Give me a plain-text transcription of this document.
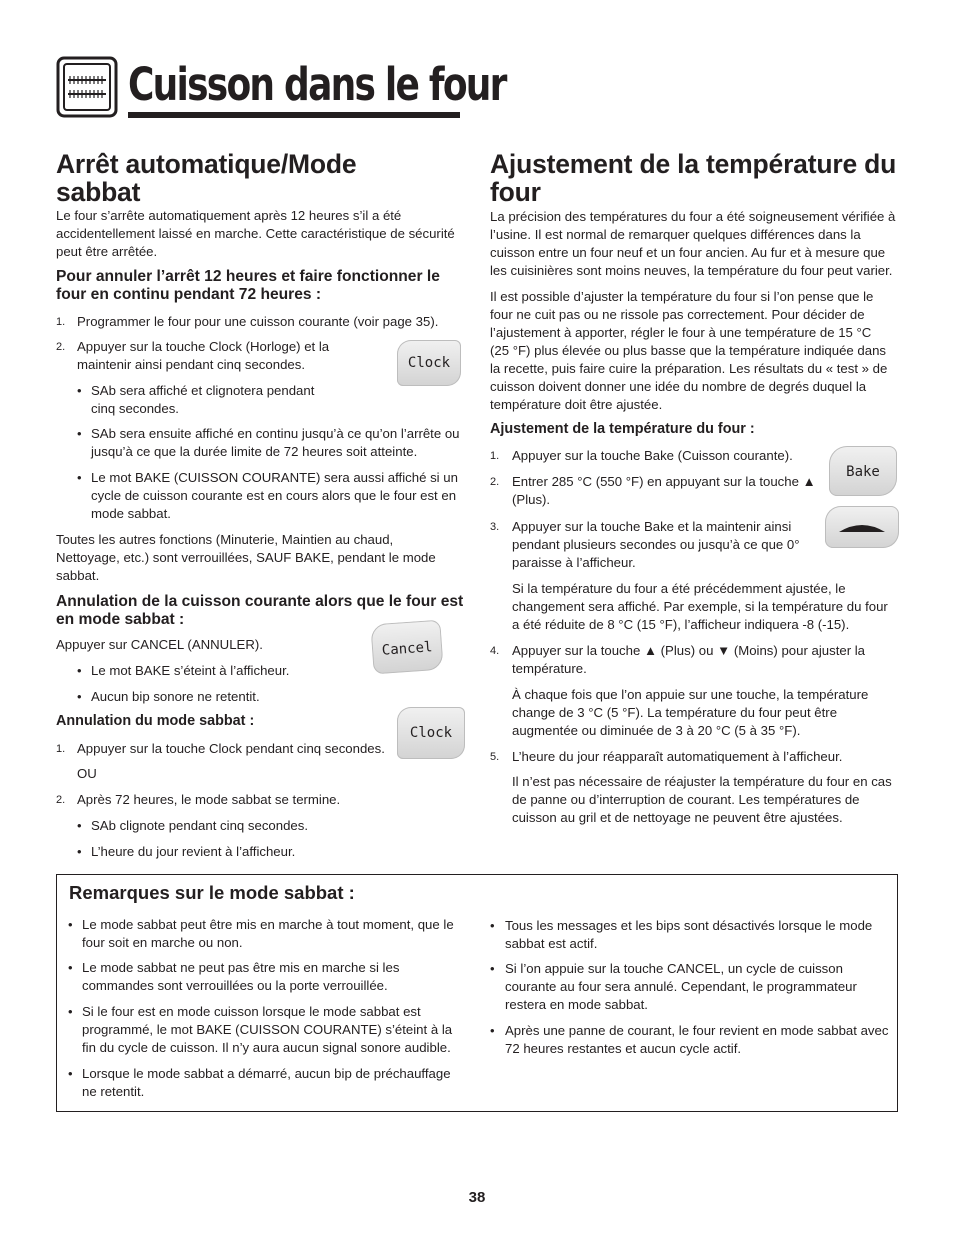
Cuisson dans le four
Arrêt automatique/Mode sabbat
Le four s’arrête automatiquement après 12 heures s’il a été accidentellement laissé en marche. Cette caractéristique de sécurité peut être arrêtée.
Pour annuler l’arrêt 12 heures et faire fonctionner le four en continu pendant 72 heures :
1. Programmer le four pour une cuisson courante (voir page 35).
2. Appuyer sur la touche Clock (Horloge) et la maintenir ainsi pendant cinq secondes.
• SAb sera affiché et clignotera pendant cinq secondes.
• SAb sera ensuite affiché en continu jusqu’à ce qu’on l’arrête ou jusqu’à ce que la durée limite de 72 heures soit atteinte.
• Le mot BAKE (CUISSON COURANTE) sera aussi affiché si un cycle de cuisson courante est en cours alors que le four est en mode sabbat.
Toutes les autres fonctions (Minuterie, Maintien au chaud, Nettoyage, etc.) sont verrouillées, SAUF BAKE, pendant le mode sabbat.
Annulation de la cuisson courante alors que le four est en mode sabbat :
Appuyer sur CANCEL (ANNULER).
• Le mot BAKE s’éteint à l’afficheur.
• Aucun bip sonore ne retentit.
Annulation du mode sabbat :
1. Appuyer sur la touche Clock pendant cinq secondes.
OU
2. Après 72 heures, le mode sabbat se termine.
• SAb clignote pendant cinq secondes.
• L’heure du jour revient à l’afficheur.
Clock
Cancel
Clock
Ajustement de la température du four
La précision des températures du four a été soigneusement vérifiée à l’usine. Il est normal de remarquer quelques différences dans la cuisson entre un four neuf et un four ancien. Au fur et à mesure que les cuisinières sont moins neuves, la température du four peut varier.
Il est possible d’ajuster la température du four si l’on pense que le four ne cuit pas ou ne rissole pas correctement. Pour décider de l’ajustement à apporter, régler le four à une température de 15 °C (25 °F) plus élevée ou plus basse que la température indiquée dans la recette, puis faire cuire la préparation. Les résultats du « test » de cuisson doivent donner une idée du nombre de degrés duquel la température doit être ajustée.
Ajustement de la température du four :
1. Appuyer sur la touche Bake (Cuisson courante).
2. Entrer 285 °C (550 °F) en appuyant sur la touche ▲ (Plus).
3. Appuyer sur la touche Bake et la maintenir ainsi pendant plusieurs secondes ou jusqu’à ce que 0° paraisse à l’afficheur.
Si la température du four a été précédemment ajustée, le changement sera affiché. Par exemple, si la température du four a été réduite de 8 °C (15 °F), l’afficheur indiquera -8 (-15).
4. Appuyer sur la touche ▲ (Plus) ou ▼ (Moins) pour ajuster la température.
À chaque fois que l’on appuie sur une touche, la température change de 3 °C (5 °F). La température du four peut être augmentée ou diminuée de 3 à 20 °C (5 à 35 °F).
5. L’heure du jour réapparaît automatiquement à l’afficheur.
Il n’est pas nécessaire de réajuster la température du four en cas de panne ou d’interruption de courant. Les températures de cuisson au gril et de nettoyage ne peuvent être ajustées.
Bake
Remarques sur le mode sabbat :
• Le mode sabbat peut être mis en marche à tout moment, que le four soit en marche ou non.
• Le mode sabbat ne peut pas être mis en marche si les commandes sont verrouillées ou la porte verrouillée.
• Si le four est en mode cuisson lorsque le mode sabbat est programmé, le mot BAKE (CUISSON COURANTE) s’éteint à la fin du cycle de cuisson. Il n’y aura aucun signal sonore audible.
• Lorsque le mode sabbat a démarré, aucun bip de préchauffage ne retentit.
• Tous les messages et les bips sont désactivés lorsque le mode sabbat est actif.
• Si l’on appuie sur la touche CANCEL, un cycle de cuisson courante au four sera annulé. Cependant, le programmateur restera en mode sabbat.
• Après une panne de courant, le four revient en mode sabbat avec 72 heures restantes et aucun cycle actif.
38
